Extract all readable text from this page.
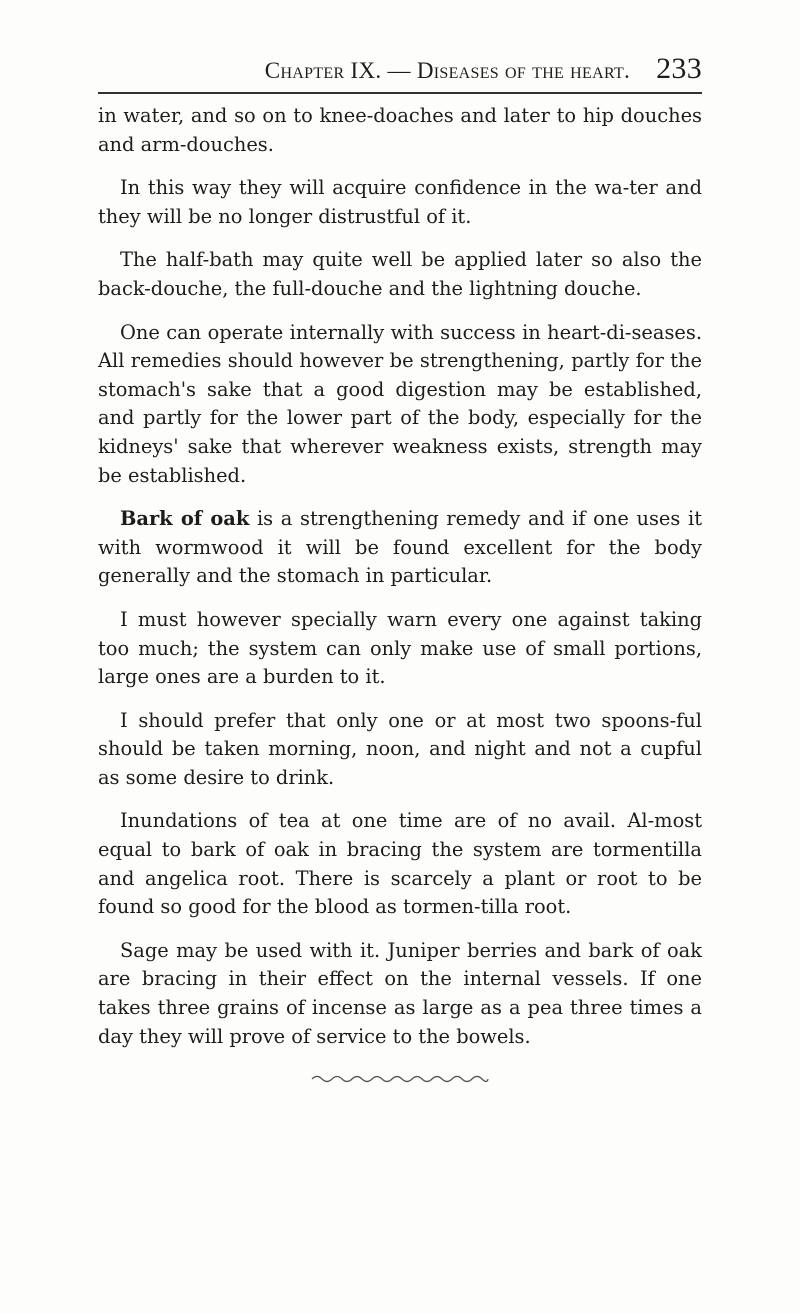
Chapter IX. — Diseases of the heart. 233

in water, and so on to knee-doaches and later to hip douches and arm-douches.

In this way they will acquire confidence in the wa-ter and they will be no longer distrustful of it.

The half-bath may quite well be applied later so also the back-douche, the full-douche and the lightning douche.

One can operate internally with success in heart-di-seases. All remedies should however be strengthening, partly for the stomach's sake that a good digestion may be established, and partly for the lower part of the body, especially for the kidneys' sake that wherever weakness exists, strength may be established.

Bark of oak is a strengthening remedy and if one uses it with wormwood it will be found excellent for the body generally and the stomach in particular.

I must however specially warn every one against taking too much; the system can only make use of small portions, large ones are a burden to it.

I should prefer that only one or at most two spoons-ful should be taken morning, noon, and night and not a cupful as some desire to drink.

Inundations of tea at one time are of no avail. Al-most equal to bark of oak in bracing the system are tormentilla and angelica root. There is scarcely a plant or root to be found so good for the blood as tormen-tilla root.

Sage may be used with it. Juniper berries and bark of oak are bracing in their effect on the internal vessels. If one takes three grains of incense as large as a pea three times a day they will prove of service to the bowels.
